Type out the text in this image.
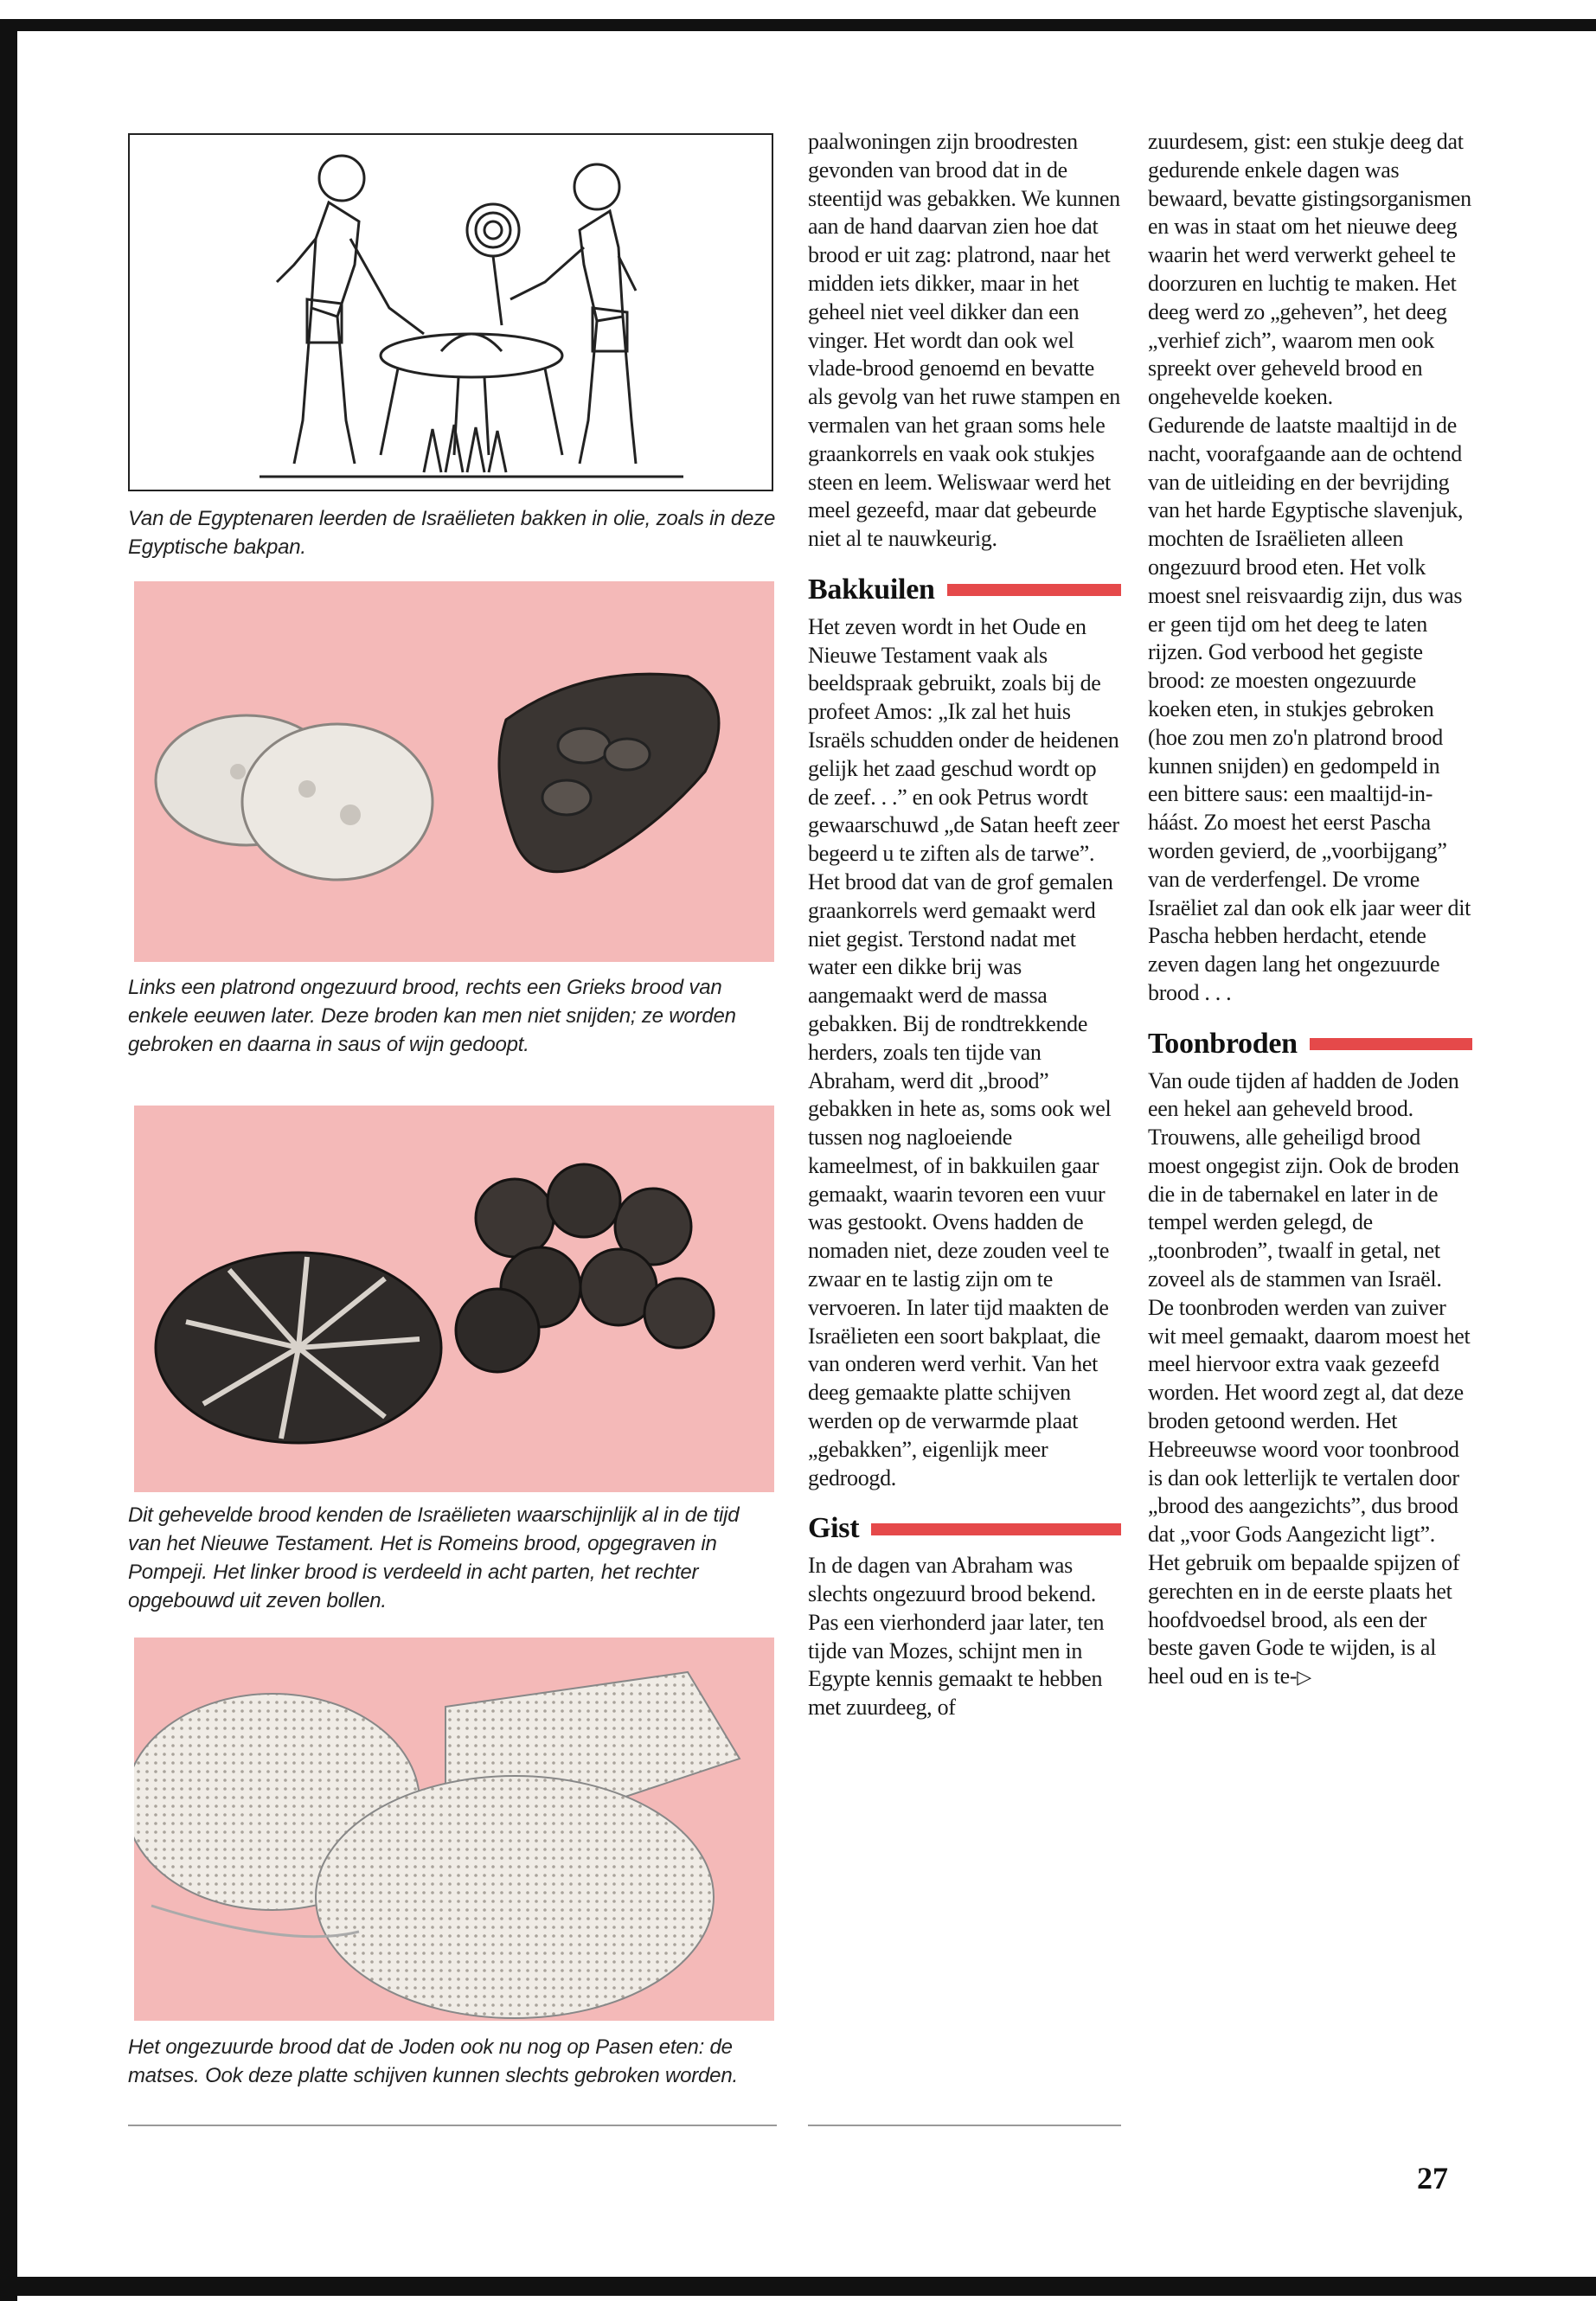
Van de Egyptenaren leerden de Israëlieten bakken in olie, zoals in deze Egyptische bakpan.
Links een platrond ongezuurd brood, rechts een Grieks brood van enkele eeuwen later. Deze broden kan men niet snijden; ze worden gebroken en daarna in saus of wijn gedoopt.
Dit geheveldе brood kenden de Israëlieten waarschijnlijk al in de tijd van het Nieuwe Testament. Het is Romeins brood, opgegraven in Pompeji. Het linker brood is verdeeld in acht parten, het rechter opgebouwd uit zeven bollen.
Het ongezuurde brood dat de Joden ook nu nog op Pasen eten: de matses. Ook deze platte schijven kunnen slechts gebroken worden.

paalwoningen zijn broodresten gevonden van brood dat in de steentijd was gebakken. We kunnen aan de hand daarvan zien hoe dat brood er uit zag: platrond, naar het midden iets dikker, maar in het geheel niet veel dikker dan een vinger. Het wordt dan ook wel vlade-brood genoemd en bevatte als gevolg van het ruwe stampen en vermalen van het graan soms hele graankorrels en vaak ook stukjes steen en leem. Weliswaar werd het meel gezeefd, maar dat gebeurde niet al te nauwkeurig.

Bakkuilen

Het zeven wordt in het Oude en Nieuwe Testament vaak als beeldspraak gebruikt, zoals bij de profeet Amos: „Ik zal het huis Israëls schudden onder de heidenen gelijk het zaad geschud wordt op de zeef. . .” en ook Petrus wordt gewaarschuwd „de Satan heeft zeer begeerd u te ziften als de tarwe”.

Het brood dat van de grof gemalen graankorrels werd gemaakt werd niet gegist. Terstond nadat met water een dikke brij was aangemaakt werd de massa gebakken. Bij de rondtrekkende herders, zoals ten tijde van Abraham, werd dit „brood” gebakken in hete as, soms ook wel tussen nog nagloeiende kameelmest, of in bakkuilen gaar gemaakt, waarin tevoren een vuur was gestookt. Ovens hadden de nomaden niet, deze zouden veel te zwaar en te lastig zijn om te vervoeren. In later tijd maakten de Israëlieten een soort bakplaat, die van onderen werd verhit. Van het deeg gemaakte platte schijven werden op de verwarmde plaat „gebakken”, eigenlijk meer gedroogd.

Gist

In de dagen van Abraham was slechts ongezuurd brood bekend. Pas een vierhonderd jaar later, ten tijde van Mozes, schijnt men in Egypte kennis gemaakt te hebben met zuurdeeg, of

zuurdesem, gist: een stukje deeg dat gedurende enkele dagen was bewaard, bevatte gistingsorganismen en was in staat om het nieuwe deeg waarin het werd verwerkt geheel te doorzuren en luchtig te maken. Het deeg werd zo „geheven”, het deeg „verhief zich”, waarom men ook spreekt over geheveld brood en ongehevelde koeken.

Gedurende de laatste maaltijd in de nacht, voorafgaande aan de ochtend van de uitleiding en der bevrijding van het harde Egyptische slavenjuk, mochten de Israëlieten alleen ongezuurd brood eten. Het volk moest snel reisvaardig zijn, dus was er geen tijd om het deeg te laten rijzen. God verbood het gegiste brood: ze moesten ongezuurde koeken eten, in stukjes gebroken (hoe zou men zo'n platrond brood kunnen snijden) en gedompeld in een bittere saus: een maaltijd-in-háást. Zo moest het eerst Pascha worden gevierd, de „voorbijgang” van de verderfengel. De vrome Israëliet zal dan ook elk jaar weer dit Pascha hebben herdacht, etende zeven dagen lang het ongezuurde brood . . .

Toonbroden

Van oude tijden af hadden de Joden een hekel aan geheveld brood. Trouwens, alle geheiligd brood moest ongegist zijn. Ook de broden die in de tabernakel en later in de tempel werden gelegd, de „toonbroden”, twaalf in getal, net zoveel als de stammen van Israël.

De toonbroden werden van zuiver wit meel gemaakt, daarom moest het meel hiervoor extra vaak gezeefd worden. Het woord zegt al, dat deze broden getoond werden. Het Hebreeuwse woord voor toonbrood is dan ook letterlijk te vertalen door „brood des aangezichts”, dus brood dat „voor Gods Aangezicht ligt”.

Het gebruik om bepaalde spijzen of gerechten en in de eerste plaats het hoofdvoedsel brood, als een der beste gaven Gode te wijden, is al heel oud en is te-▷

27
